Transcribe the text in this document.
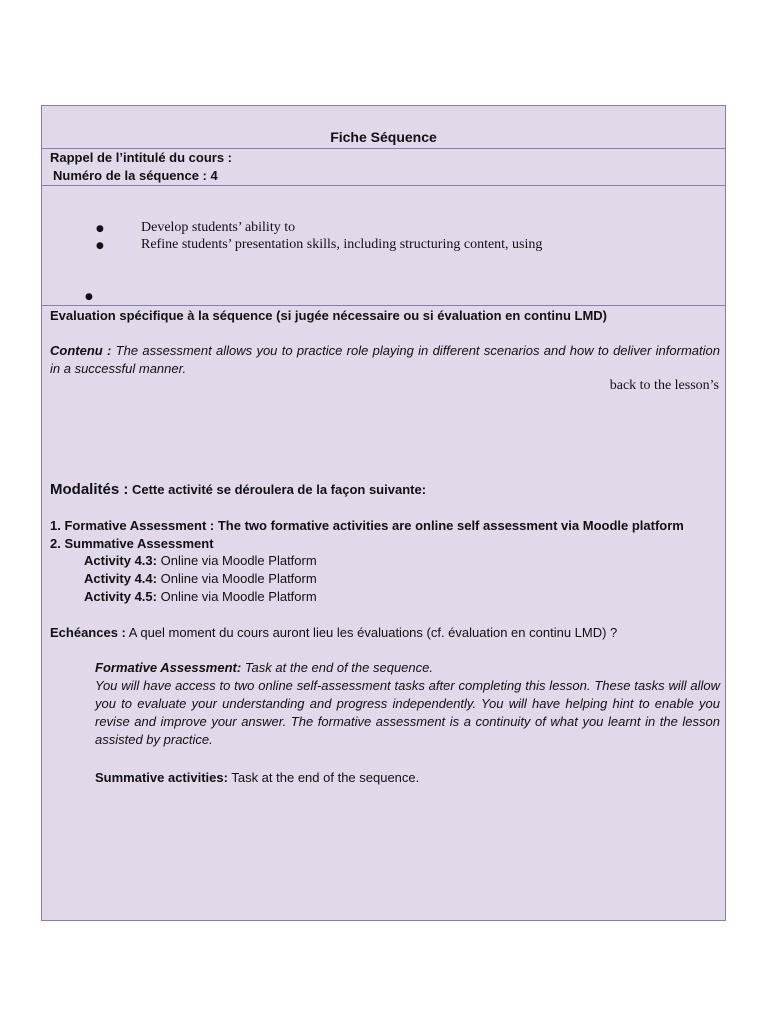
Fiche Séquence
Rappel de l’intitulé du cours :
Numéro de la séquence : 4
●	Develop students’ ability to
●	Refine students’ presentation skills, including structuring content, using
●
Evaluation spécifique à la séquence (si jugée nécessaire ou si évaluation en continu LMD)
Contenu : The assessment allows you to practice role playing in different scenarios and how to deliver information in a successful manner.
back to the lesson’s
Modalités : Cette activité se déroulera de la façon suivante:
1. Formative Assessment : The two formative activities are online self assessment via Moodle platform
2. Summative Assessment
Activity 4.3: Online via Moodle Platform
Activity 4.4: Online via Moodle Platform
Activity 4.5: Online via Moodle Platform
Echéances : A quel moment du cours auront lieu les évaluations (cf. évaluation en continu LMD) ?
Formative Assessment: Task at the end of the sequence.
You will have access to two online self-assessment tasks after completing this lesson. These tasks will allow you to evaluate your understanding and progress independently. You will have helping hint to enable you revise and improve your answer. The formative assessment is a continuity of what you learnt in the lesson assisted by practice.
Summative activities: Task at the end of the sequence.
